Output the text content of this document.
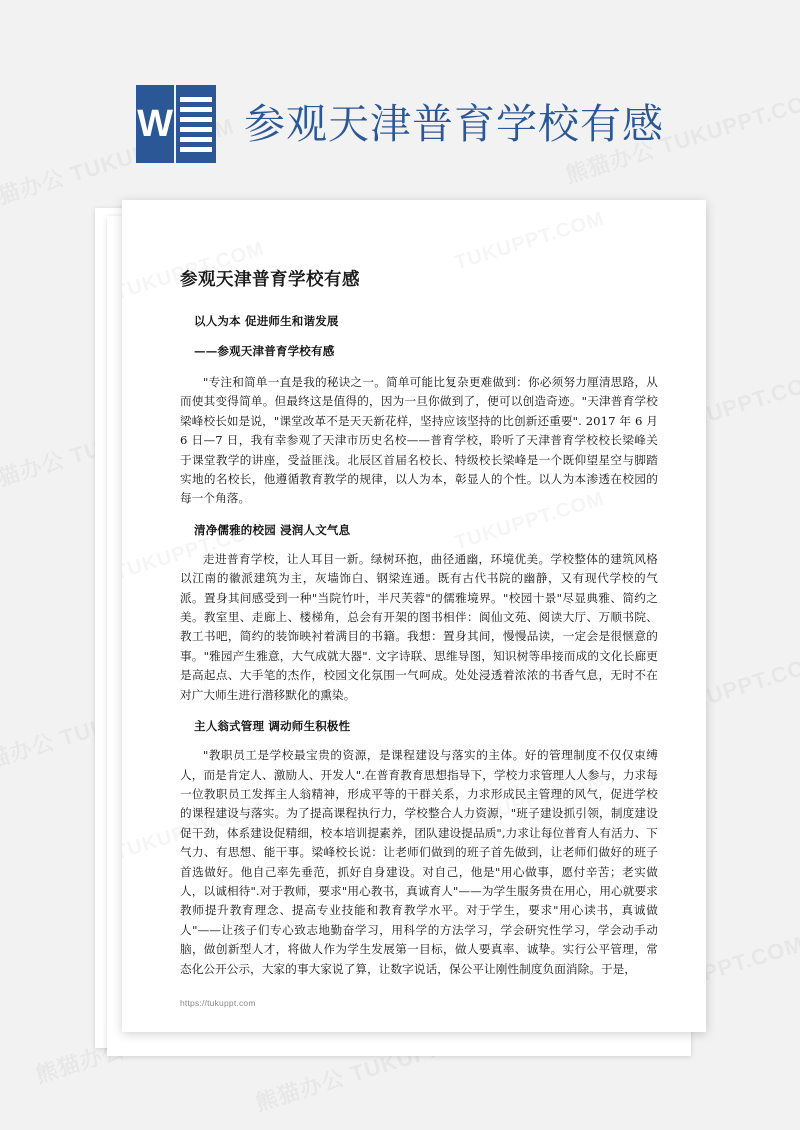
W 参观天津普育学校有感
参观天津普育学校有感
以人为本 促进师生和谐发展
——参观天津普育学校有感

"专注和简单一直是我的秘诀之一。简单可能比复杂更难做到：你必须努力厘清思路，从而使其变得简单。但最终这是值得的，因为一旦你做到了，便可以创造奇迹。"天津普育学校梁峰校长如是说，"课堂改革不是天天新花样，坚持应该坚持的比创新还重要". 2017 年 6 月 6 日—7 日，我有幸参观了天津市历史名校——普育学校，聆听了天津普育学校校长梁峰关于课堂教学的讲座，受益匪浅。北辰区首届名校长、特级校长梁峰是一个既仰望星空与脚踏实地的名校长，他遵循教育教学的规律，以人为本，彰显人的个性。以人为本渗透在校园的每一个角落。

清净儒雅的校园 浸润人文气息

走进普育学校，让人耳目一新。绿树环抱，曲径通幽，环境优美。学校整体的建筑风格以江南的徽派建筑为主，灰墙饰白、钢梁连通。既有古代书院的幽静，又有现代学校的气派。置身其间感受到一种"当院竹叶，半尺芙蓉"的儒雅境界。"校园十景"尽显典雅、简约之美。教室里、走廊上、楼梯角，总会有开架的图书相伴：阆仙文苑、阅读大厅、万顺书院、教工书吧，简约的装饰映衬着满目的书籍。我想：置身其间，慢慢品读，一定会是很惬意的事。"雅园产生雅意，大气成就大器". 文字诗联、思维导图，知识树等串接而成的文化长廊更是高起点、大手笔的杰作，校园文化氛围一气呵成。处处浸透着浓浓的书香气息，无时不在对广大师生进行潜移默化的熏染。

主人翁式管理 调动师生积极性

"教职员工是学校最宝贵的资源，是课程建设与落实的主体。好的管理制度不仅仅束缚人，而是肯定人、激励人、开发人".在普育教育思想指导下，学校力求管理人人参与，力求每一位教职员工发挥主人翁精神，形成平等的干群关系，力求形成民主管理的风气，促进学校的课程建设与落实。为了提高课程执行力，学校整合人力资源，"班子建设抓引领，制度建设促干劲，体系建设促精细，校本培训提素养，团队建设提品质",力求让每位普育人有活力、下气力、有思想、能干事。梁峰校长说：让老师们做到的班子首先做到，让老师们做好的班子首选做好。他自己率先垂范，抓好自身建设。对自己，他是"用心做事，愿付辛苦；老实做人，以诚相待".对于教师，要求"用心教书，真诚育人"——为学生服务贵在用心，用心就要求教师提升教育理念、提高专业技能和教育教学水平。对于学生，要求"用心读书，真诚做人"——让孩子们专心致志地勤奋学习，用科学的方法学习，学会研究性学习，学会动手动脑，做创新型人才，将做人作为学生发展第一目标，做人要真率、诚挚。实行公平管理，常态化公开公示，大家的事大家说了算，让数字说话，保公平让刚性制度负面消除。于是，

https://tukuppt.com
